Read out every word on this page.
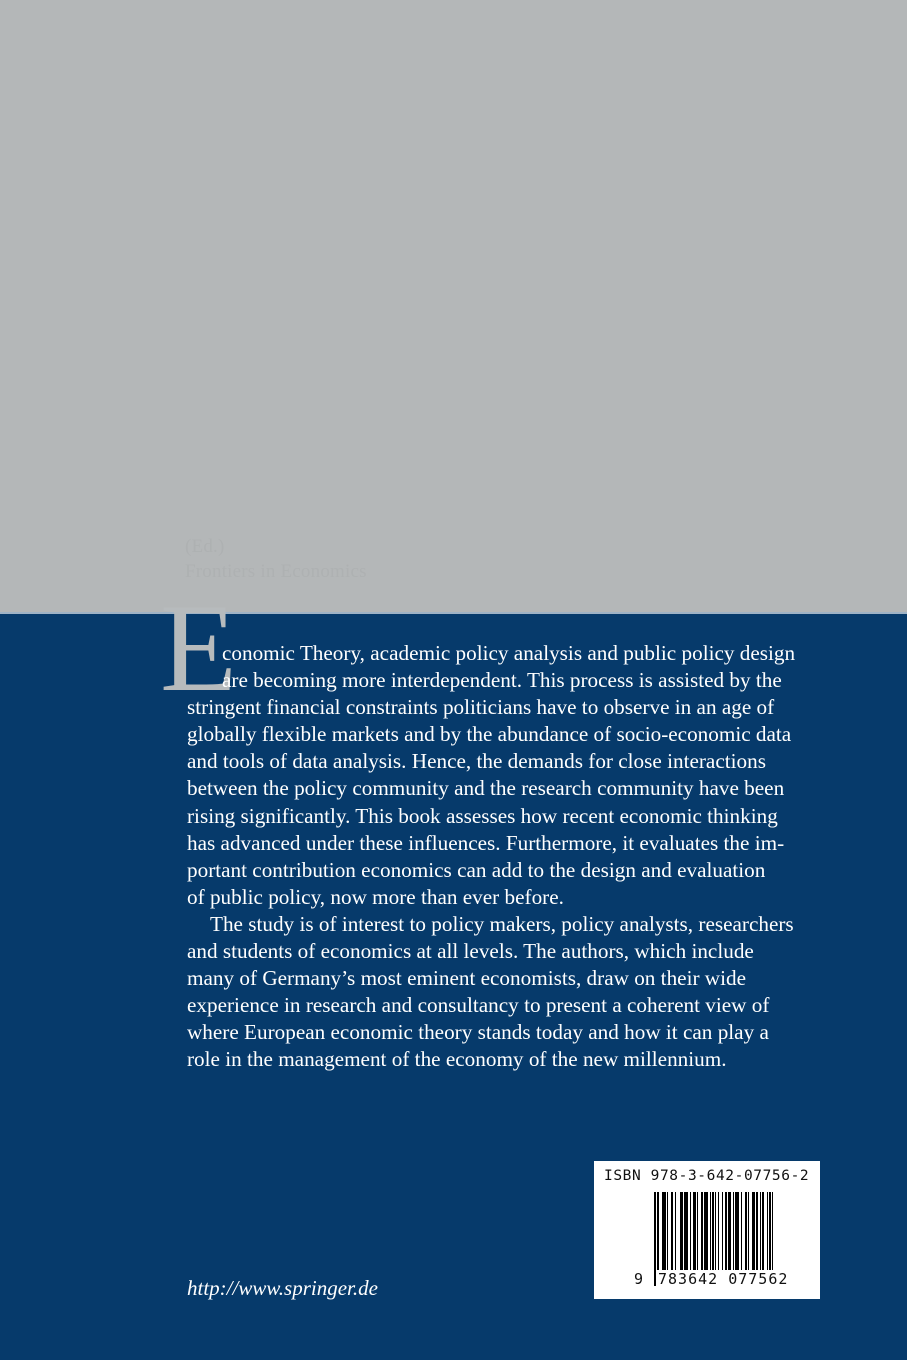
(Ed.)
Frontiers in Economics
E
conomic Theory, academic policy analysis and public policy design
are becoming more interdependent. This process is assisted by the
stringent financial constraints politicians have to observe in an age of
globally flexible markets and by the abundance of socio-economic data
and tools of data analysis. Hence, the demands for close interactions
between the policy community and the research community have been
rising significantly. This book assesses how recent economic thinking
has advanced under these influences. Furthermore, it evaluates the im-
portant contribution economics can add to the design and evaluation
of public policy, now more than ever before.
The study is of interest to policy makers, policy analysts, researchers
and students of economics at all levels. The authors, which include
many of Germany’s most eminent economists, draw on their wide
experience in research and consultancy to present a coherent view of
where European economic theory stands today and how it can play a
role in the management of the economy of the new millennium.
ISBN 978-3-642-07756-2
9 783642 077562
http://www.springer.de
